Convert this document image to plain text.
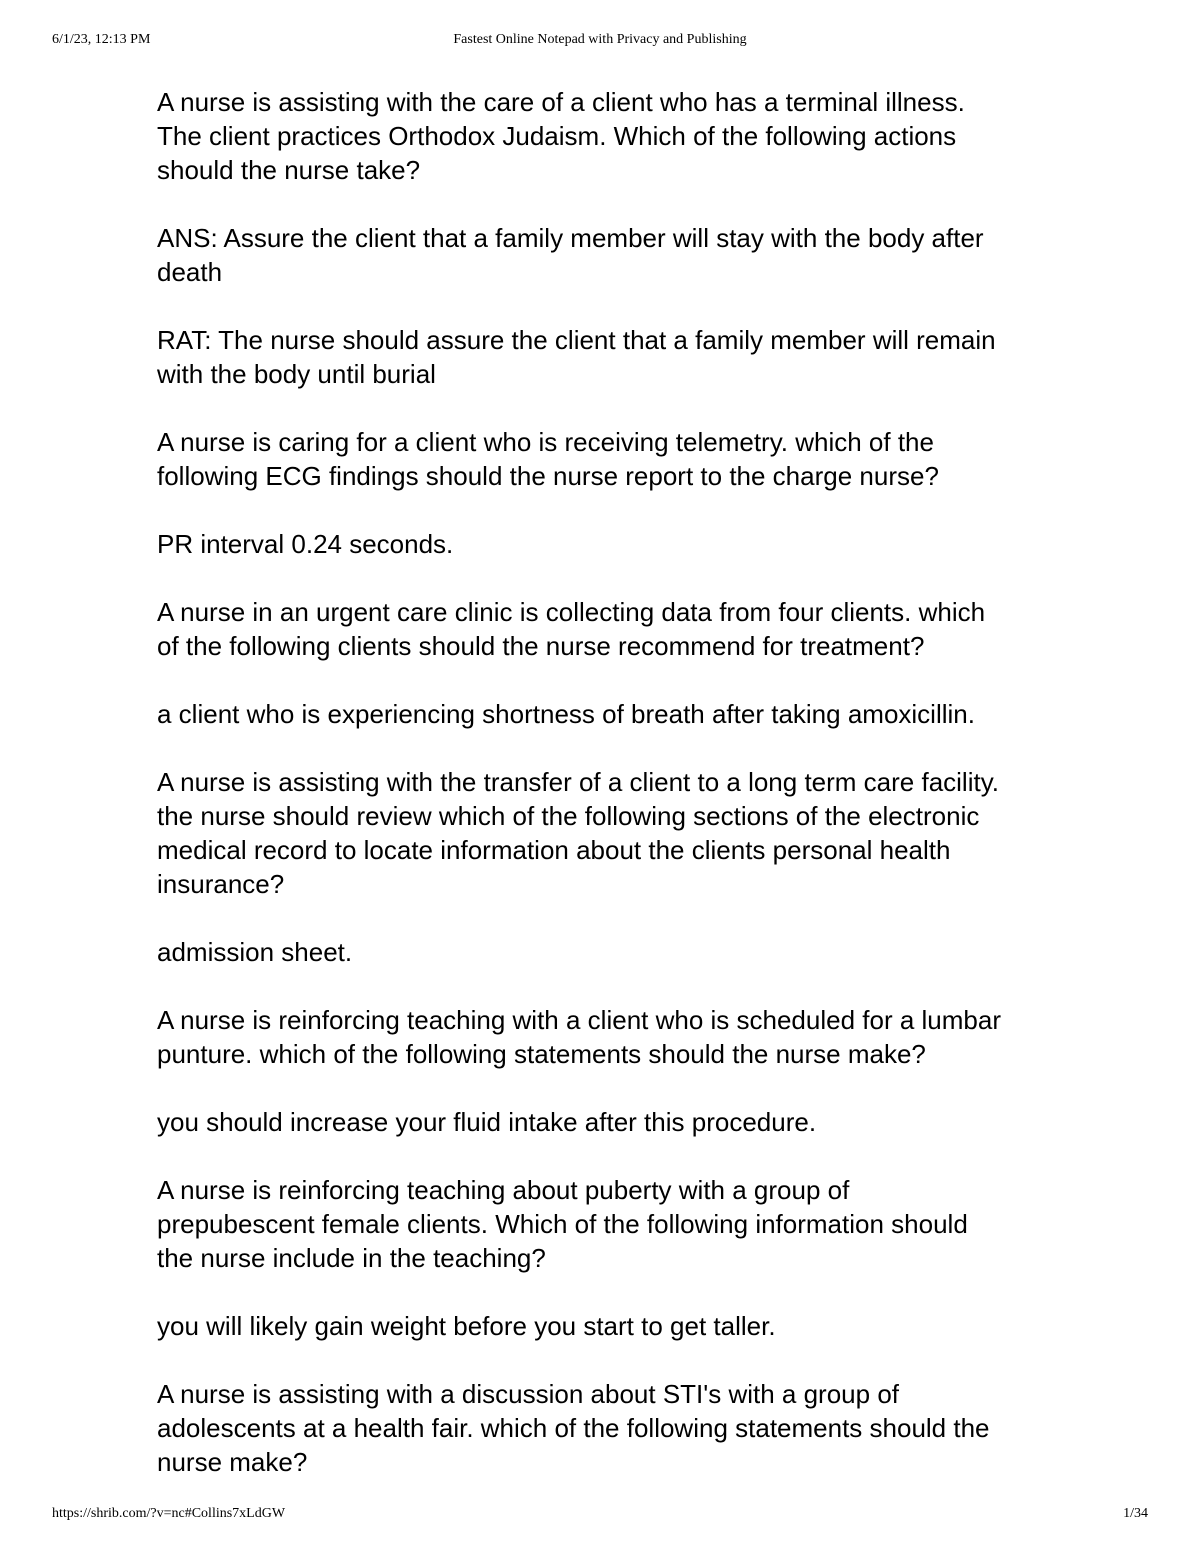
6/1/23, 12:13 PM	Fastest Online Notepad with Privacy and Publishing

A nurse is assisting with the care of a client who has a terminal illness.
The client practices Orthodox Judaism. Which of the following actions
should the nurse take?

ANS: Assure the client that a family member will stay with the body after
death

RAT: The nurse should assure the client that a family member will remain
with the body until burial

A nurse is caring for a client who is receiving telemetry. which of the
following ECG findings should the nurse report to the charge nurse?

PR interval 0.24 seconds.

A nurse in an urgent care clinic is collecting data from four clients. which
of the following clients should the nurse recommend for treatment?

a client who is experiencing shortness of breath after taking amoxicillin.

A nurse is assisting with the transfer of a client to a long term care facility.
the nurse should review which of the following sections of the electronic
medical record to locate information about the clients personal health
insurance?

admission sheet.

A nurse is reinforcing teaching with a client who is scheduled for a lumbar
punture. which of the following statements should the nurse make?

you should increase your fluid intake after this procedure.

A nurse is reinforcing teaching about puberty with a group of
prepubescent female clients. Which of the following information should
the nurse include in the teaching?

you will likely gain weight before you start to get taller.

A nurse is assisting with a discussion about STI's with a group of
adolescents at a health fair. which of the following statements should the
nurse make?

https://shrib.com/?v=nc#Collins7xLdGW	1/34
